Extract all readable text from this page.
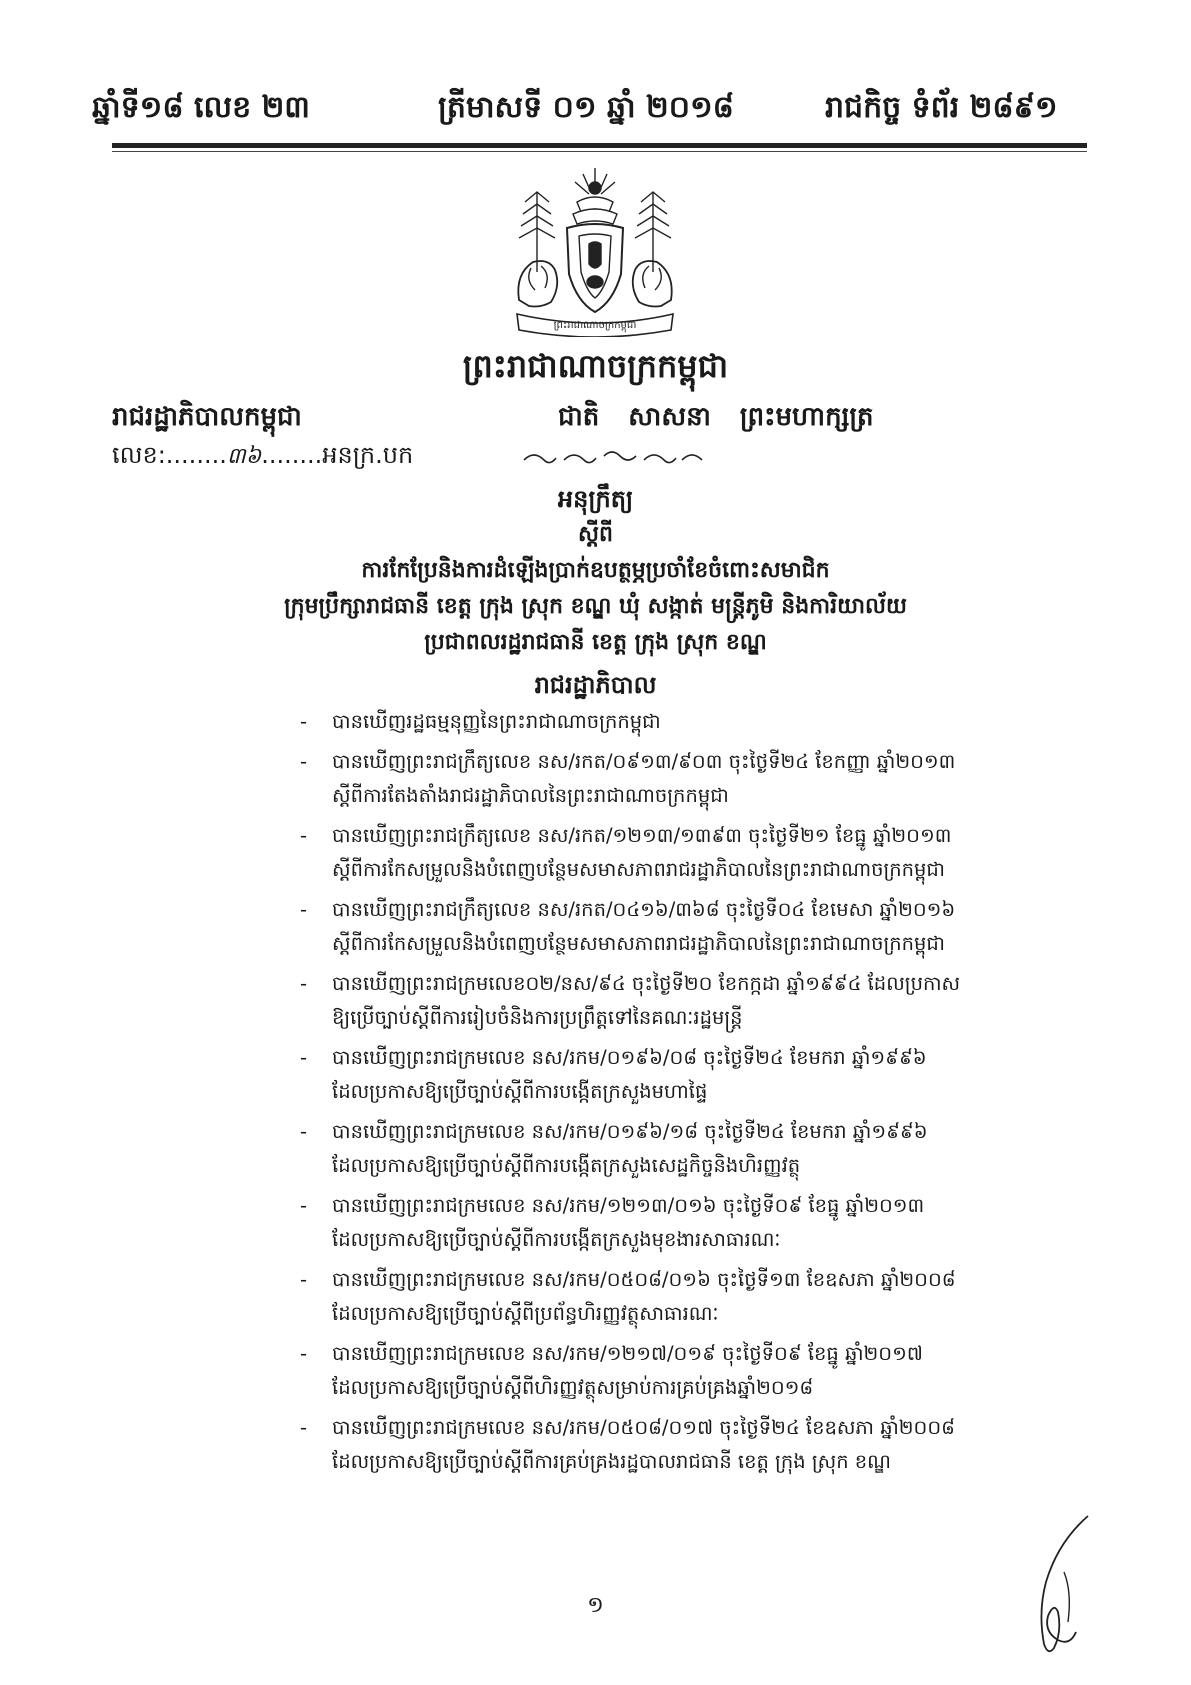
ឆ្នាំទី១៨ លេខ ២៣	ត្រីមាសទី ០១ ឆ្នាំ ២០១៨	រាជកិច្ច ទំព័រ ២៨៩១
ព្រះរាជាណាចក្រកម្ពុជា
ព្រះរាជាណាចក្រកម្ពុជា
រាជរដ្ឋាភិបាលកម្ពុជា	ជាតិ សាសនា ព្រះមហាក្សត្រ
លេខ:........៣៦........អនក្រ.បក
អនុក្រឹត្យ
ស្តីពី
ការកែប្រែនិងការដំឡើងប្រាក់ឧបត្ថម្ភប្រចាំខែចំពោះសមាជិក
ក្រុមប្រឹក្សារាជធានី ខេត្ត ក្រុង ស្រុក ខណ្ឌ ឃុំ សង្កាត់ មន្ត្រីភូមិ និងការិយាល័យ
ប្រជាពលរដ្ឋរាជធានី ខេត្ត ក្រុង ស្រុក ខណ្ឌ
រាជរដ្ឋាភិបាល
- បានឃើញរដ្ឋធម្មនុញ្ញនៃព្រះរាជាណាចក្រកម្ពុជា
- បានឃើញព្រះរាជក្រឹត្យលេខ នស/រកត/០៩១៣/៩០៣ ចុះថ្ងៃទី២៤ ខែកញ្ញា ឆ្នាំ២០១៣
ស្តីពីការតែងតាំងរាជរដ្ឋាភិបាលនៃព្រះរាជាណាចក្រកម្ពុជា
- បានឃើញព្រះរាជក្រឹត្យលេខ នស/រកត/១២១៣/១៣៩៣ ចុះថ្ងៃទី២១ ខែធ្នូ ឆ្នាំ២០១៣
ស្តីពីការកែសម្រួលនិងបំពេញបន្ថែមសមាសភាពរាជរដ្ឋាភិបាលនៃព្រះរាជាណាចក្រកម្ពុជា
- បានឃើញព្រះរាជក្រឹត្យលេខ នស/រកត/០៤១៦/៣៦៨ ចុះថ្ងៃទី០៤ ខែមេសា ឆ្នាំ២០១៦
ស្តីពីការកែសម្រួលនិងបំពេញបន្ថែមសមាសភាពរាជរដ្ឋាភិបាលនៃព្រះរាជាណាចក្រកម្ពុជា
- បានឃើញព្រះរាជក្រមលេខ០២/នស/៩៤ ចុះថ្ងៃទី២០ ខែកក្កដា ឆ្នាំ១៩៩៤ ដែលប្រកាស
ឱ្យប្រើច្បាប់ស្តីពីការរៀបចំនិងការប្រព្រឹត្តទៅនៃគណៈរដ្ឋមន្ត្រី
- បានឃើញព្រះរាជក្រមលេខ នស/រកម/០១៩៦/០៨ ចុះថ្ងៃទី២៤ ខែមករា ឆ្នាំ១៩៩៦
ដែលប្រកាសឱ្យប្រើច្បាប់ស្តីពីការបង្កើតក្រសួងមហាផ្ទៃ
- បានឃើញព្រះរាជក្រមលេខ នស/រកម/០១៩៦/១៨ ចុះថ្ងៃទី២៤ ខែមករា ឆ្នាំ១៩៩៦
ដែលប្រកាសឱ្យប្រើច្បាប់ស្តីពីការបង្កើតក្រសួងសេដ្ឋកិច្ចនិងហិរញ្ញវត្ថុ
- បានឃើញព្រះរាជក្រមលេខ នស/រកម/១២១៣/០១៦ ចុះថ្ងៃទី០៩ ខែធ្នូ ឆ្នាំ២០១៣
ដែលប្រកាសឱ្យប្រើច្បាប់ស្តីពីការបង្កើតក្រសួងមុខងារសាធារណៈ
- បានឃើញព្រះរាជក្រមលេខ នស/រកម/០៥០៨/០១៦ ចុះថ្ងៃទី១៣ ខែឧសភា ឆ្នាំ២០០៨
ដែលប្រកាសឱ្យប្រើច្បាប់ស្តីពីប្រព័ន្ធហិរញ្ញវត្ថុសាធារណៈ
- បានឃើញព្រះរាជក្រមលេខ នស/រកម/១២១៧/០១៩ ចុះថ្ងៃទី០៩ ខែធ្នូ ឆ្នាំ២០១៧
ដែលប្រកាសឱ្យប្រើច្បាប់ស្តីពីហិរញ្ញវត្ថុសម្រាប់ការគ្រប់គ្រងឆ្នាំ២០១៨
- បានឃើញព្រះរាជក្រមលេខ នស/រកម/០៥០៨/០១៧ ចុះថ្ងៃទី២៤ ខែឧសភា ឆ្នាំ២០០៨
ដែលប្រកាសឱ្យប្រើច្បាប់ស្តីពីការគ្រប់គ្រងរដ្ឋបាលរាជធានី ខេត្ត ក្រុង ស្រុក ខណ្ឌ
១
